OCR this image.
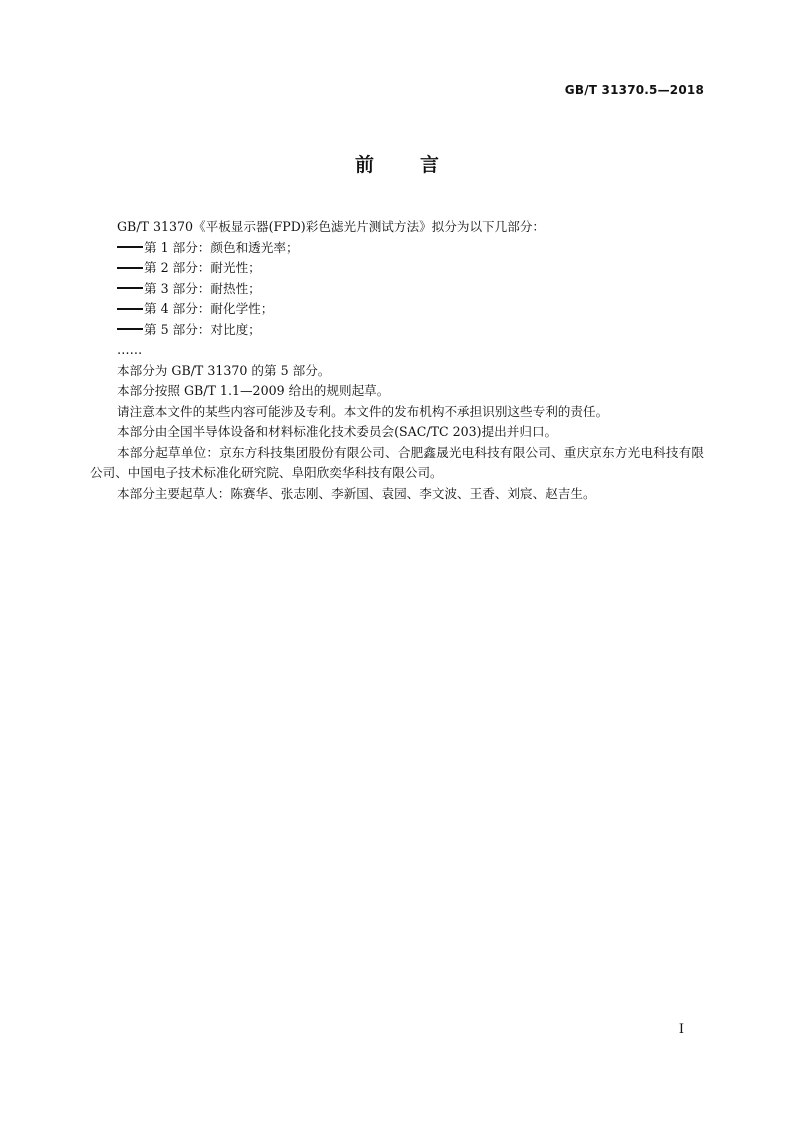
GB/T 31370.5—2018
前 言

GB/T 31370《平板显示器(FPD)彩色滤光片测试方法》拟分为以下几部分：

第 1 部分：颜色和透光率；

第 2 部分：耐光性；

第 3 部分：耐热性；

第 4 部分：耐化学性；

第 5 部分：对比度；

……

本部分为 GB/T 31370 的第 5 部分。

本部分按照 GB/T 1.1—2009 给出的规则起草。

请注意本文件的某些内容可能涉及专利。本文件的发布机构不承担识别这些专利的责任。

本部分由全国半导体设备和材料标准化技术委员会(SAC/TC 203)提出并归口。

本部分起草单位：京东方科技集团股份有限公司、合肥鑫晟光电科技有限公司、重庆京东方光电科技有限公司、中国电子技术标准化研究院、阜阳欣奕华科技有限公司。

本部分主要起草人：陈赛华、张志刚、李新国、袁园、李文波、王香、刘宸、赵吉生。

I
